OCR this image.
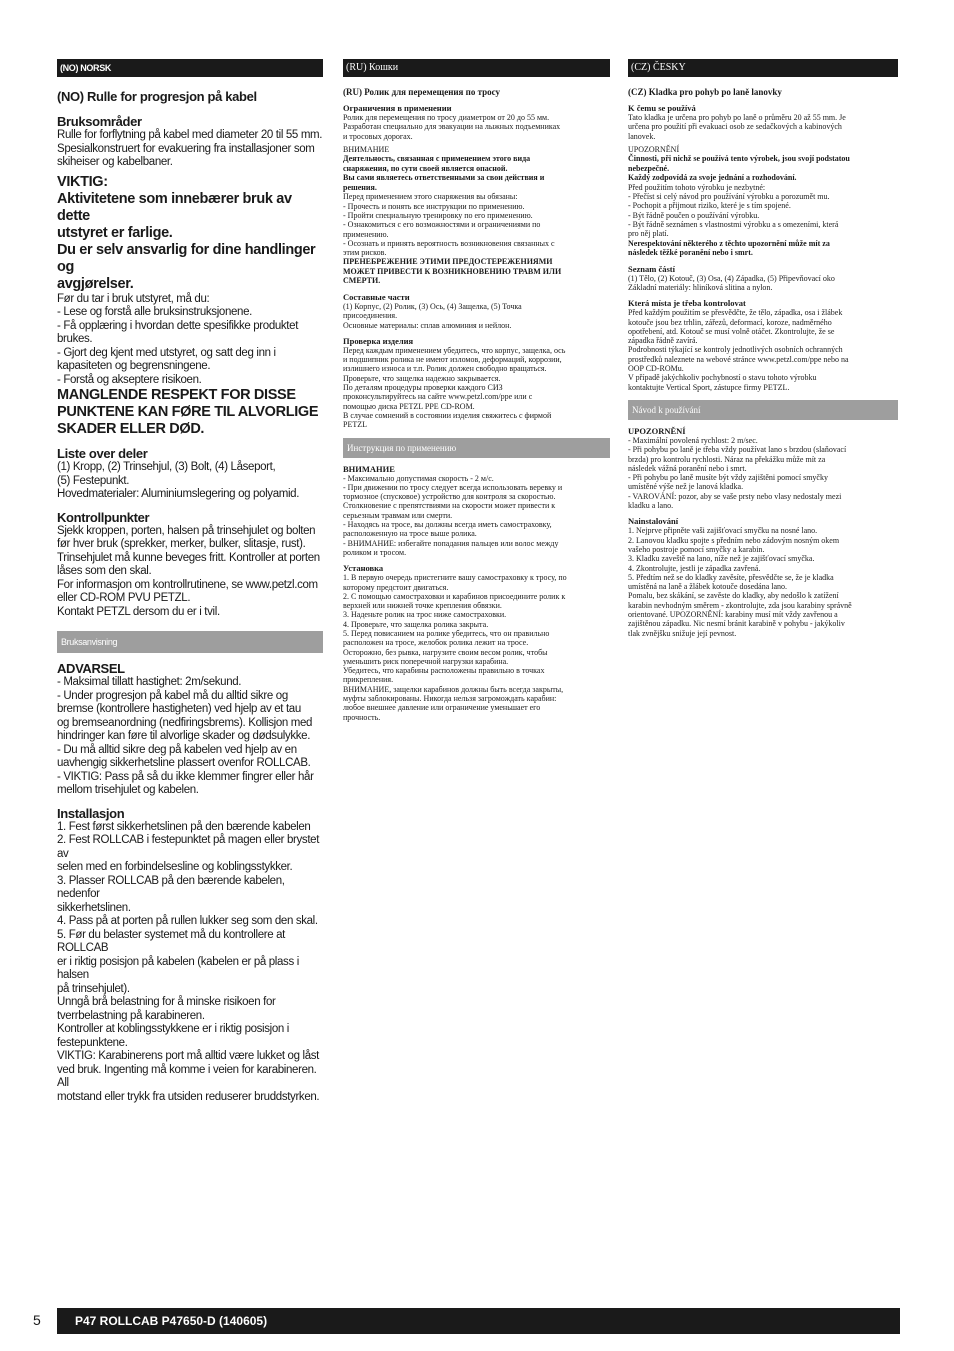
(NO) NORSK

(NO) Rulle for progresjon på kabel

Bruksområder

Rulle for forflytning på kabel med diameter 20 til 55 mm.
Spesialkonstruert for evakuering fra installasjoner som
skiheiser og kabelbaner.

VIKTIG:

Aktivitetene som innebærer bruk av dette
utstyret er farlige.

Du er selv ansvarlig for dine handlinger og
avgjørelser.

Før du tar i bruk utstyret, må du:
- Lese og forstå alle bruksinstruksjonene.
- Få opplæring i hvordan dette spesifikke produktet
brukes.
- Gjort deg kjent med utstyret, og satt deg inn i
kapasiteten og begrensningene.
- Forstå og akseptere risikoen.

MANGLENDE RESPEKT FOR DISSE
PUNKTENE KAN FØRE TIL ALVORLIGE
SKADER ELLER DØD.

Liste over deler

(1) Kropp, (2) Trinsehjul, (3) Bolt, (4) Låseport,
(5) Festepunkt.
Hovedmaterialer: Aluminiumslegering og polyamid.

Kontrollpunkter

Sjekk kroppen, porten, halsen på trinsehjulet og bolten
før hver bruk (sprekker, merker, bulker, slitasje, rust).
Trinsehjulet må kunne beveges fritt. Kontroller at porten
låses som den skal.
For informasjon om kontrollrutinene, se www.petzl.com
eller CD-ROM PVU PETZL.
Kontakt PETZL dersom du er i tvil.

Bruksanvisning

ADVARSEL

- Maksimal tillatt hastighet: 2m/sekund.
- Under progresjon på kabel må du alltid sikre og
bremse (kontrollere hastigheten) ved hjelp av et tau
og bremseanordning (nedfiringsbrems). Kollisjon med
hindringer kan føre til alvorlige skader og dødsulykke.
- Du må alltid sikre deg på kabelen ved hjelp av en
uavhengig sikkerhetsline plassert ovenfor ROLLCAB.
- VIKTIG: Pass på så du ikke klemmer fingrer eller hår
mellom trisehjulet og kabelen.

Installasjon

1. Fest først sikkerhetslinen på den bærende kabelen
2. Fest ROLLCAB i festepunktet på magen eller brystet av
selen med en forbindelsesline og koblingsstykker.
3. Plasser ROLLCAB på den bærende kabelen, nedenfor
sikkerhetslinen.
4. Pass på at porten på rullen lukker seg som den skal.
5. Før du belaster systemet må du kontrollere at ROLLCAB
er i riktig posisjon på kabelen (kabelen er på plass i halsen
på trinsehjulet).
Unngå brå belastning for å minske risikoen for
tverrbelastning på karabineren.
Kontroller at koblingsstykkene er i riktig posisjon i
festepunktene.
VIKTIG: Karabinerens port må alltid være lukket og låst
ved bruk. Ingenting må komme i veien for karabineren. All
motstand eller trykk fra utsiden reduserer bruddstyrken.

(RU) Кошки

(RU) Ролик для перемещения по тросу

Ограничения в применении

Ролик для перемещения по тросу диаметром от 20 до 55 мм.
Разработан специально для эвакуации на лыжных подъемниках
и тросовых дорогах.

ВНИМАНИЕ

Деятельность, связанная с применением этого вида
снаряжения, по сути своей является опасной.
Вы сами являетесь ответственными за свои действия и
решения.

Перед применением этого снаряжения вы обязаны:
- Прочесть и понять все инструкции по применению.
- Пройти специальную тренировку по его применению.
- Ознакомиться с его возможностями и ограничениями по
применению.
- Осознать и принять вероятность возникновения связанных с
этим рисков.

ПРЕНЕБРЕЖЕНИЕ ЭТИМИ ПРЕДОСТЕРЕЖЕНИЯМИ
МОЖЕТ ПРИВЕСТИ К ВОЗНИКНОВЕНИЮ ТРАВМ ИЛИ
СМЕРТИ.

Составные части

(1) Корпус, (2) Ролик, (3) Ось, (4) Защелка, (5) Точка
присоединения.
Основные материалы: сплав алюминия и нейлон.

Проверка изделия

Перед каждым применением убедитесь, что корпус, защелка, ось
и подшипник ролика не имеют изломов, деформаций, коррозии,
излишнего износа и т.п. Ролик должен свободно вращаться.
Проверьте, что защелка надежно закрывается.
По деталям процедуры проверки каждого СИЗ
проконсультируйтесь на сайте www.petzl.com/ppe или с
помощью диска PETZL PPE CD-ROM.
В случае сомнений в состоянии изделия свяжитесь с фирмой
PETZL

Инструкция по применению

ВНИМАНИЕ

- Максимально допустимая скорость - 2 м/с.
- При движении по тросу следует всегда использовать веревку и
тормозное (спусковое) устройство для контроля за скоростью.
Столкновение с препятствиями на скорости может привести к
серьезным травмам или смерти.
- Находясь на тросе, вы должны всегда иметь самостраховку,
расположенную на тросе выше ролика.
- ВНИМАНИЕ: избегайте попадания пальцев или волос между
роликом и тросом.

Установка

1. В первую очередь пристегните вашу самостраховку к тросу, по
которому предстоит двигаться.
2. С помощью самостраховки и карабинов присоедините ролик к
верхней или нижней точке крепления обвязки.
3. Наденьте ролик на трос ниже самостраховки.
4. Проверьте, что защелка ролика закрыта.
5. Перед повисанием на ролике убедитесь, что он правильно
расположен на тросе, желобок ролика лежит на тросе.
Осторожно, без рывка, нагрузите своим весом ролик, чтобы
уменьшить риск поперечной нагрузки карабина.
Убедитесь, что карабины расположены правильно в точках
прикрепления.
ВНИМАНИЕ, защелки карабинов должны быть всегда закрыты,
муфты заблокированы. Никогда нельзя загромождать карабин:
любое внешнее давление или ограничение уменьшает его
прочность.

(CZ) ČESKY

(CZ) Kladka pro pohyb po laně lanovky

K čemu se používá

Tato kladka je určena pro pohyb po laně o průměru 20 až 55 mm. Je
určena pro použití při evakuaci osob ze sedačkových a kabinových
lanovek.

UPOZORNĚNÍ

Činnosti, při nichž se používá tento výrobek, jsou svojí podstatou
nebezpečné.
Každý zodpovídá za svoje jednání a rozhodování.

Před použitím tohoto výrobku je nezbytné:
- Přečíst si celý návod pro používání výrobku a porozumět mu.
- Pochopit a přijmout riziko, které je s tím spojené.
- Být řádně poučen o používání výrobku.
- Být řádně seznámen s vlastnostmi výrobku a s omezeními, která
pro něj platí.

Nerespektování některého z těchto upozornění může mít za
následek těžké poranění nebo i smrt.

Seznam částí

(1) Tělo, (2) Kotouč, (3) Osa, (4) Západka, (5) Připevňovací oko
Základní materiály: hliníková slitina a nylon.

Která místa je třeba kontrolovat

Před každým použitím se přesvědčte, že tělo, západka, osa i žlábek
kotouče jsou bez trhlin, zářezů, deformací, koroze, nadměrného
opotřebení, atd. Kotouč se musí volně otáčet. Zkontrolujte, že se
západka řádně zavírá.
Podrobnosti týkající se kontroly jednotlivých osobních ochranných
prostředků naleznete na webové stránce www.petzl.com/ppe nebo na
OOP CD-ROMu.
V případě jakýchkoliv pochybností o stavu tohoto výrobku
kontaktujte Vertical Sport, zástupce firmy PETZL.

Návod k používání

UPOZORNĚNÍ

- Maximální povolená rychlost: 2 m/sec.
- Při pohybu po laně je třeba vždy používat lano s brzdou (slaňovací
brzda) pro kontrolu rychlosti. Náraz na překážku může mít za
následek vážná poranění nebo i smrt.
- Při pohybu po laně musíte být vždy zajištěni pomocí smyčky
umístěné výše než je lanová kladka.
- VAROVÁNÍ: pozor, aby se vaše prsty nebo vlasy nedostaly mezi
kladku a lano.

Nainstalování

1. Nejprve připněte vaši zajišťovací smyčku na nosné lano.
2. Lanovou kladku spojte s předním nebo zádovým nosným okem
vašeho postroje pomocí smyčky a karabin.
3. Kladku zaveště na lano, níže než je zajišťovací smyčka.
4. Zkontrolujte, jestli je západka zavřená.
5. Předtím než se do kladky zavěsíte, přesvědčte se, že je kladka
umístěná na laně a žlábek kotouče dosedána lano.
Pomalu, bez skákání, se zavěste do kladky, aby nedošlo k zatížení
karabin nevhodným směrem - zkontrolujte, zda jsou karabiny správně
orientované. UPOZORNĚNÍ: karabiny musí mít vždy zavřenou a
zajištěnou západku. Nic nesmí bránit karabině v pohybu - jakýkoliv
tlak zvnějšku snižuje její pevnost.

5	P47 ROLLCAB P47650-D (140605)
